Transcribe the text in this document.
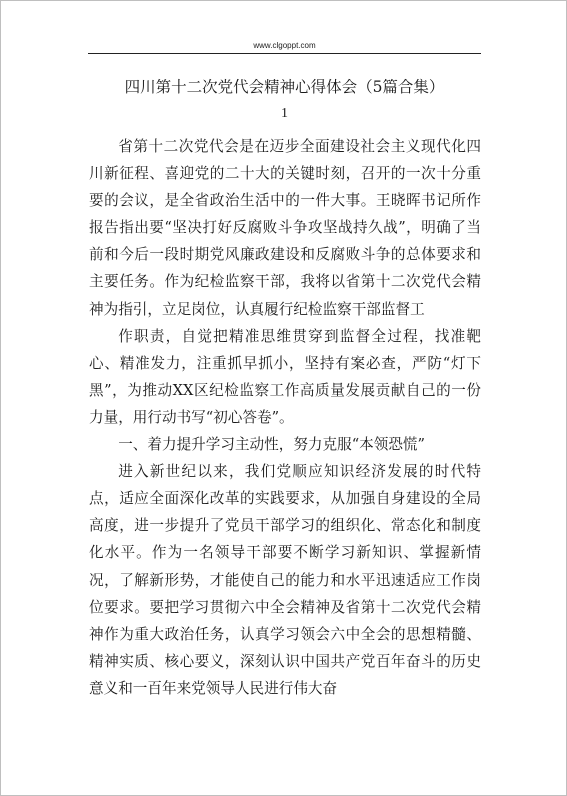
www.clgoppt.com
四川第十二次党代会精神心得体会（5篇合集）
1

省第十二次党代会是在迈步全面建设社会主义现代化四川新征程、喜迎党的二十大的关键时刻，召开的一次十分重要的会议，是全省政治生活中的一件大事。王晓晖书记所作报告指出要“坚决打好反腐败斗争攻坚战持久战”，明确了当前和今后一段时期党风廉政建设和反腐败斗争的总体要求和主要任务。作为纪检监察干部，我将以省第十二次党代会精神为指引，立足岗位，认真履行纪检监察干部监督工

作职责，自觉把精准思维贯穿到监督全过程，找准靶心、精准发力，注重抓早抓小，坚持有案必查，严防“灯下黑”，为推动XX区纪检监察工作高质量发展贡献自己的一份力量，用行动书写“初心答卷”。

一、着力提升学习主动性，努力克服“本领恐慌”

进入新世纪以来，我们党顺应知识经济发展的时代特点，适应全面深化改革的实践要求，从加强自身建设的全局高度，进一步提升了党员干部学习的组织化、常态化和制度化水平。作为一名领导干部要不断学习新知识、掌握新情况，了解新形势，才能使自己的能力和水平迅速适应工作岗位要求。要把学习贯彻六中全会精神及省第十二次党代会精神作为重大政治任务，认真学习领会六中全会的思想精髓、精神实质、核心要义，深刻认识中国共产党百年奋斗的历史意义和一百年来党领导人民进行伟大奋
